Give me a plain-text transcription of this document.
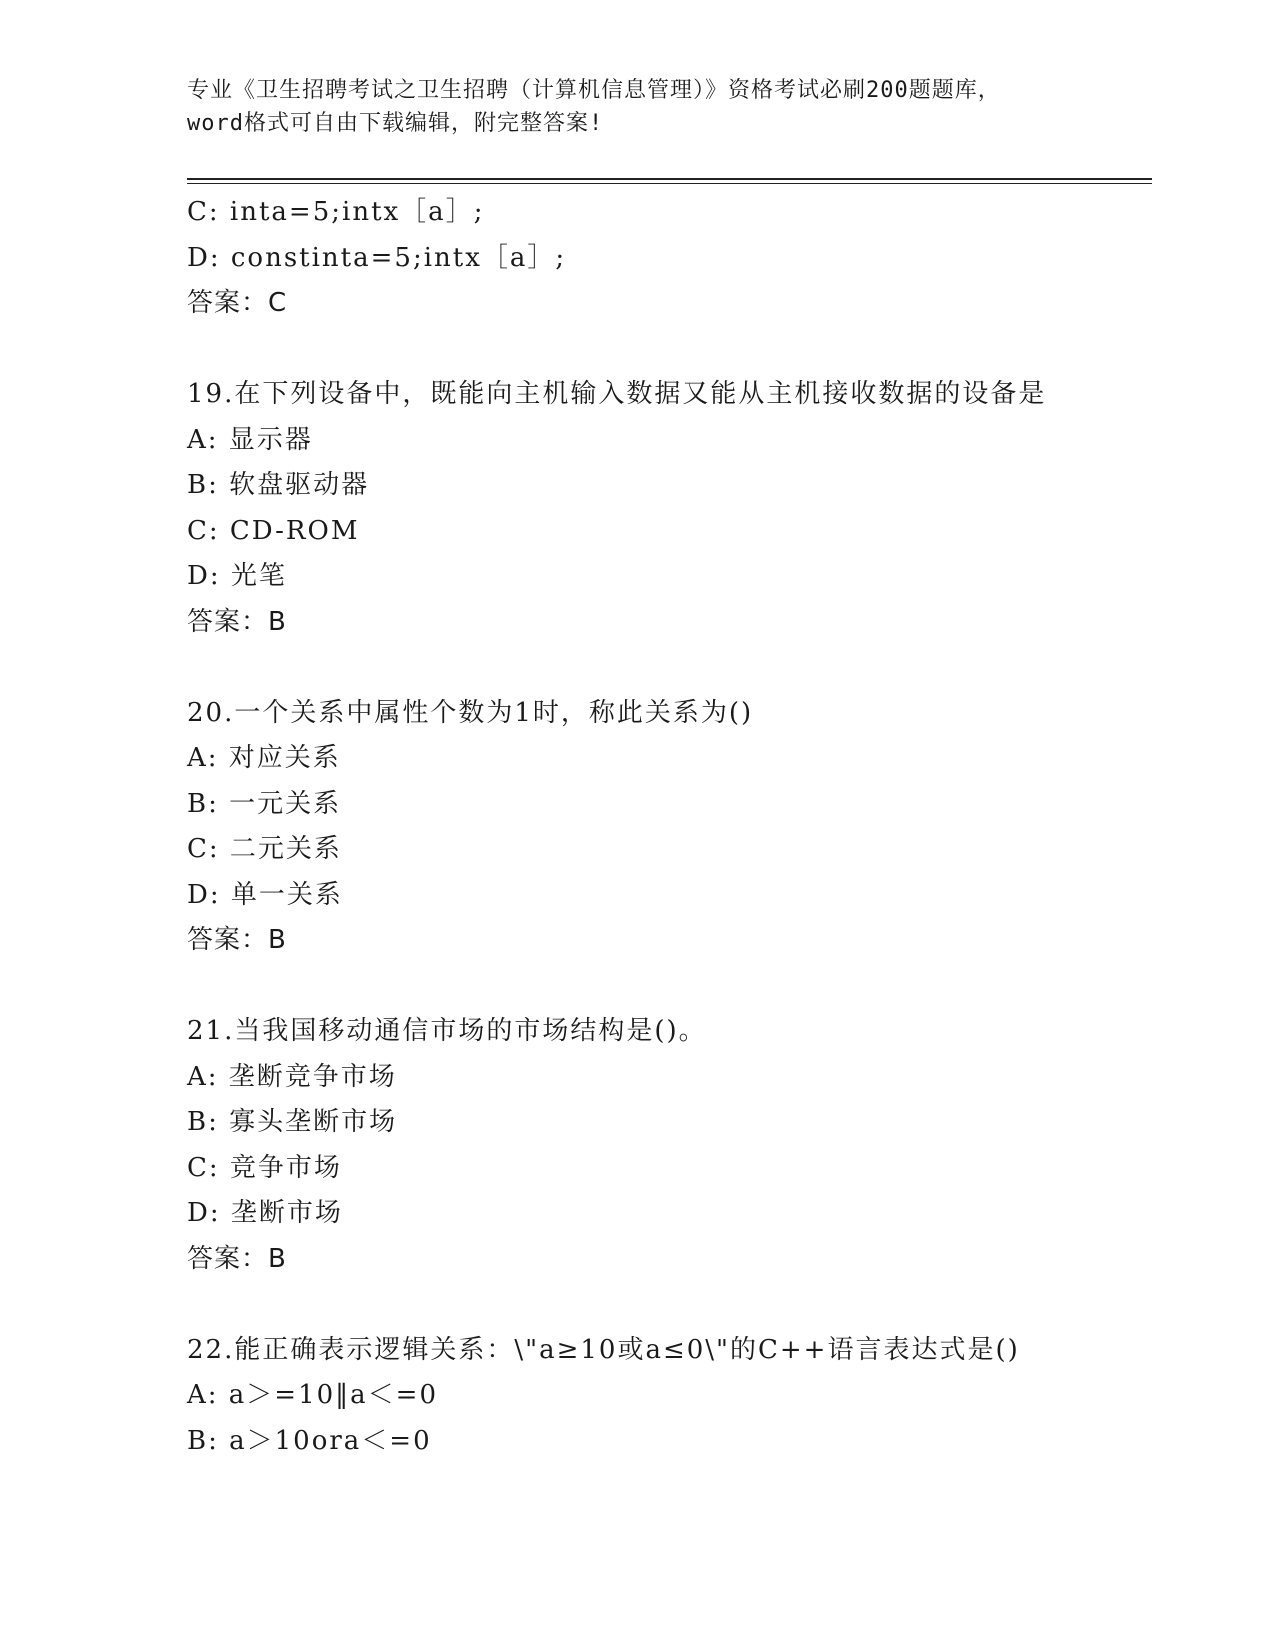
专业《卫生招聘考试之卫生招聘（计算机信息管理）》资格考试必刷200题题库，
word格式可自由下载编辑，附完整答案!
C: inta=5;intx［a］;
D: constinta=5;intx［a］;
答案：C
19.在下列设备中，既能向主机输入数据又能从主机接收数据的设备是
A: 显示器
B: 软盘驱动器
C: CD-ROM
D: 光笔
答案：B
20.一个关系中属性个数为1时，称此关系为()
A: 对应关系
B: 一元关系
C: 二元关系
D: 单一关系
答案：B
21.当我国移动通信市场的市场结构是()。
A: 垄断竞争市场
B: 寡头垄断市场
C: 竞争市场
D: 垄断市场
答案：B
22.能正确表示逻辑关系：\"a≥10或a≤0\"的C++语言表达式是()
A: a＞=10‖a＜=0
B: a＞10ora＜=0
